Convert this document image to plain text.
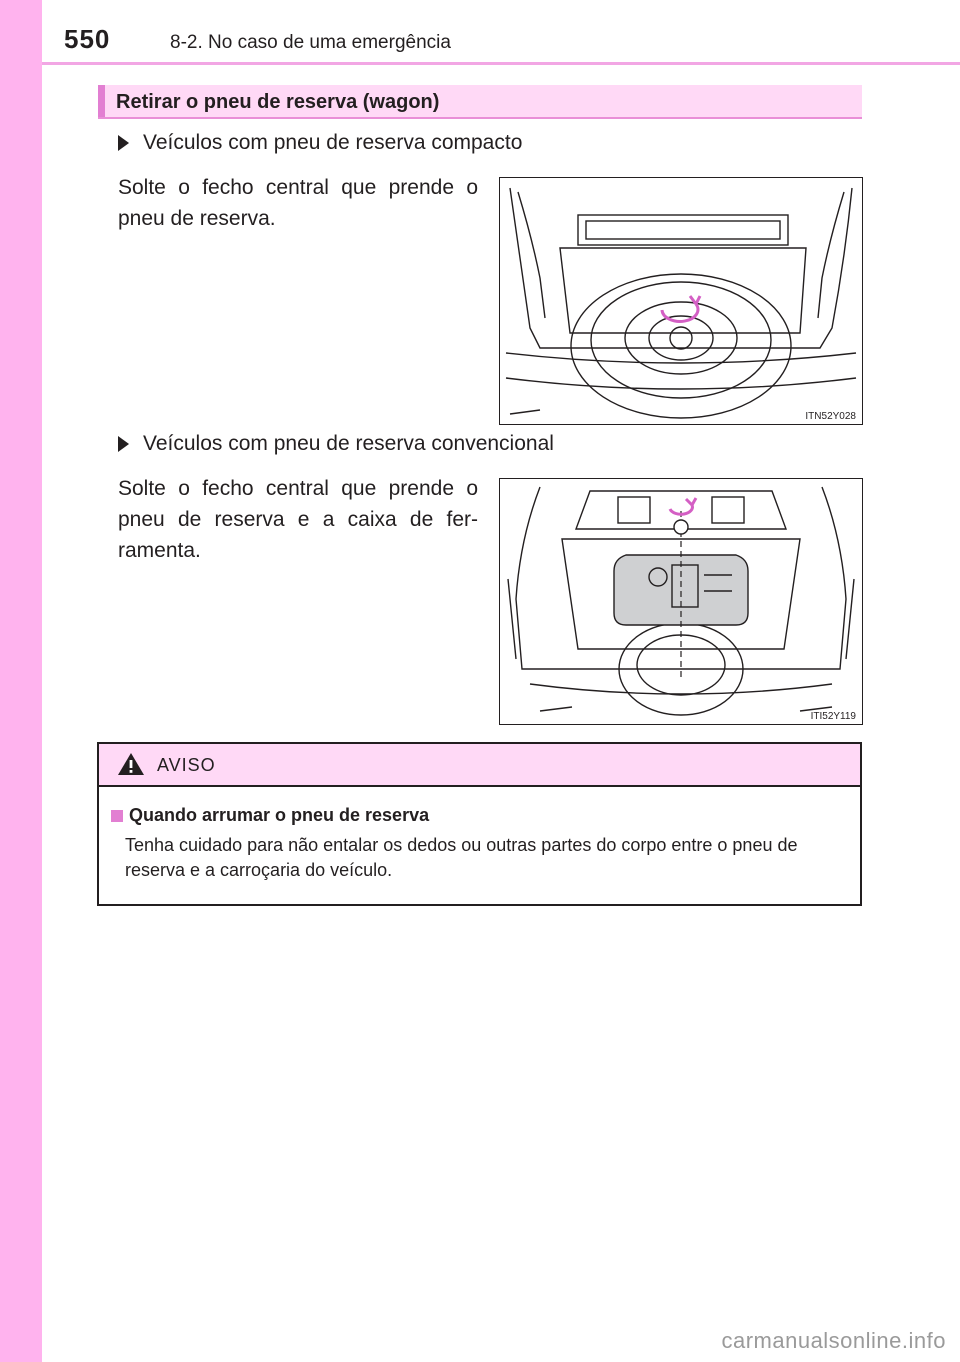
550	8-2. No caso de uma emergência
Retirar o pneu de reserva (wagon)
Veículos com pneu de reserva compacto
Solte o fecho central que prende o pneu de reserva.
ITN52Y028
Veículos com pneu de reserva convencional
Solte o fecho central que prende o pneu de reserva e a caixa de fer-ramenta.
ITI52Y119
AVISO
Quando arrumar o pneu de reserva
Tenha cuidado para não entalar os dedos ou outras partes do corpo entre o pneu de reserva e a carroçaria do veículo.
carmanualsonline.info
